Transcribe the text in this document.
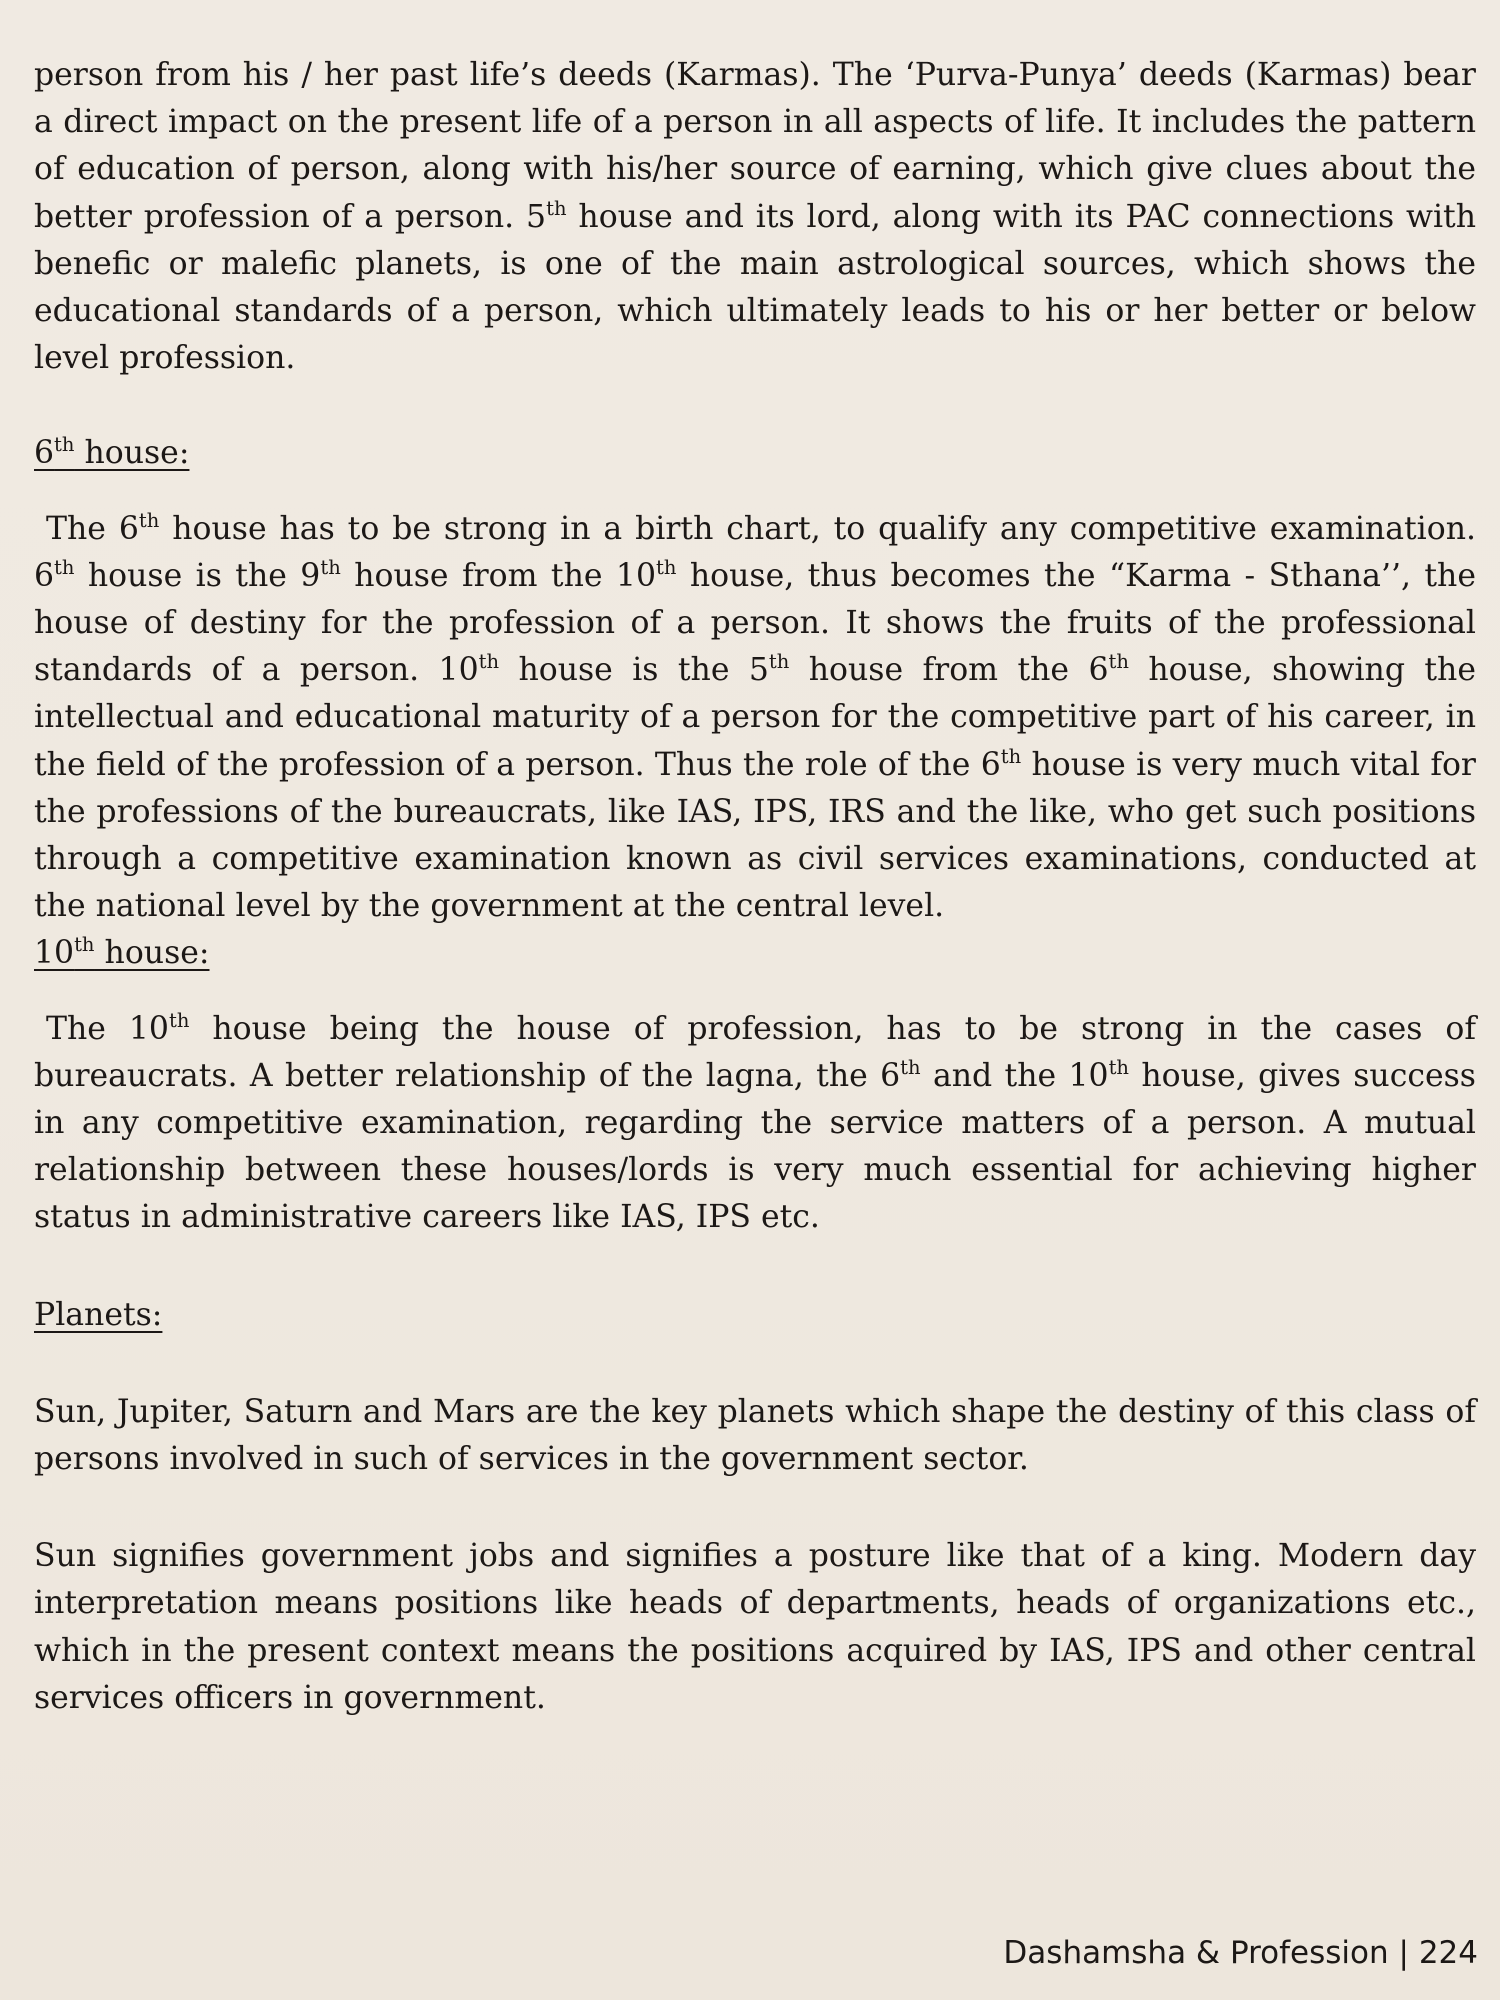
person from his / her past life’s deeds (Karmas). The ‘Purva-Punya’ deeds (Karmas) bear a direct impact on the present life of a person in all aspects of life. It includes the pattern of education of person, along with his/her source of earning, which give clues about the better profession of a person. 5th house and its lord, along with its PAC connections with benefic or malefic planets, is one of the main astrological sources, which shows the educational standards of a person, which ultimately leads to his or her better or below level profession.

6th house:

The 6th house has to be strong in a birth chart, to qualify any competitive examination. 6th house is the 9th house from the 10th house, thus becomes the “Karma - Sthana’’, the house of destiny for the profession of a person. It shows the fruits of the professional standards of a person. 10th house is the 5th house from the 6th house, showing the intellectual and educational maturity of a person for the competitive part of his career, in the field of the profession of a person. Thus the role of the 6th house is very much vital for the professions of the bureaucrats, like IAS, IPS, IRS and the like, who get such positions through a competitive examination known as civil services examinations, conducted at the national level by the government at the central level.

10th house:

The 10th house being the house of profession, has to be strong in the cases of bureaucrats. A better relationship of the lagna, the 6th and the 10th house, gives success in any competitive examination, regarding the service matters of a person. A mutual relationship between these houses/lords is very much essential for achieving higher status in administrative careers like IAS, IPS etc.

Planets:

Sun, Jupiter, Saturn and Mars are the key planets which shape the destiny of this class of persons involved in such of services in the government sector.

Sun signifies government jobs and signifies a posture like that of a king. Modern day interpretation means positions like heads of departments, heads of organizations etc., which in the present context means the positions acquired by IAS, IPS and other central services officers in government.

Dashamsha & Profession | 224
